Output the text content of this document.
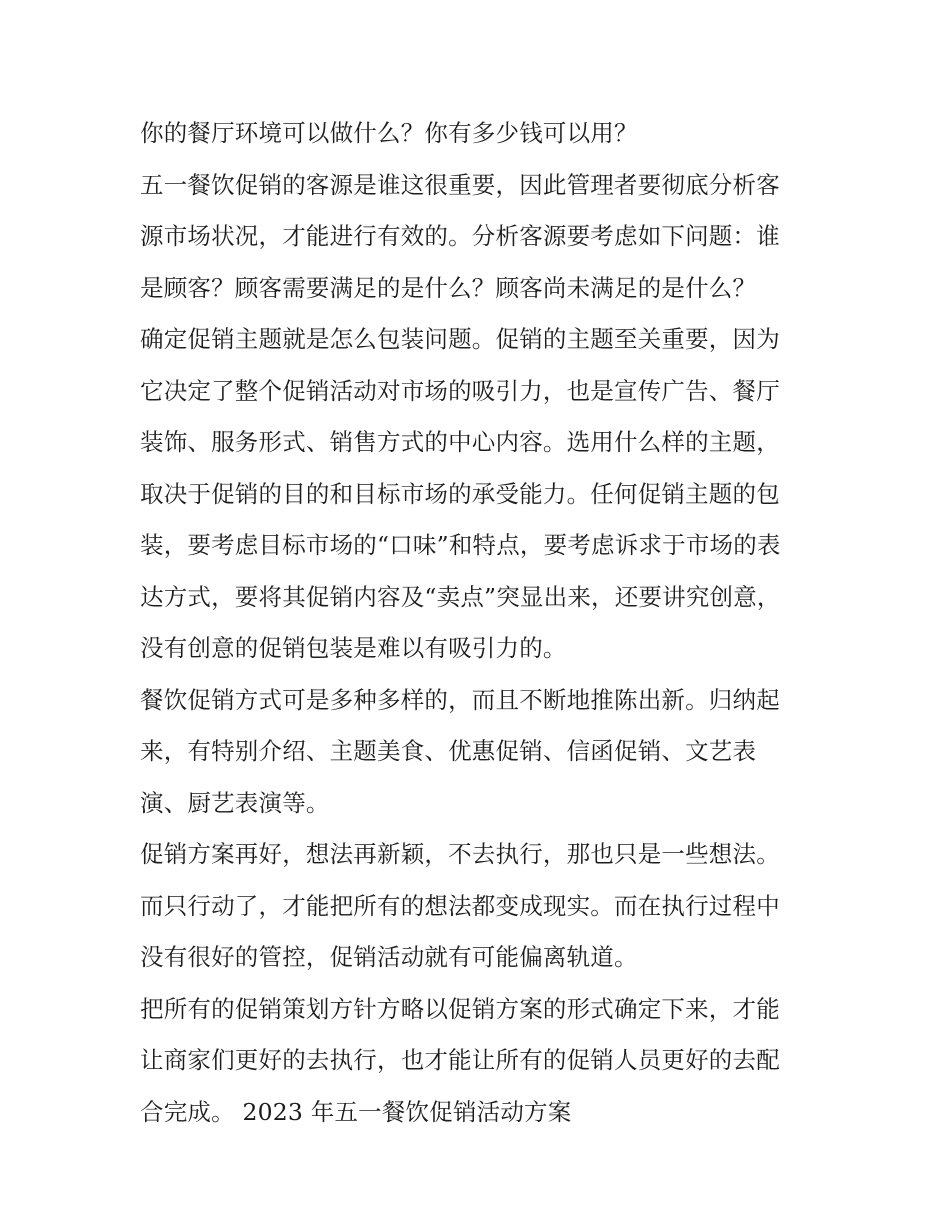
你的餐厅环境可以做什么？你有多少钱可以用？
五一餐饮促销的客源是谁这很重要，因此管理者要彻底分析客
源市场状况，才能进行有效的。分析客源要考虑如下问题：谁
是顾客？顾客需要满足的是什么？顾客尚未满足的是什么？
确定促销主题就是怎么包装问题。促销的主题至关重要，因为
它决定了整个促销活动对市场的吸引力，也是宣传广告、餐厅
装饰、服务形式、销售方式的中心内容。选用什么样的主题，
取决于促销的目的和目标市场的承受能力。任何促销主题的包
装，要考虑目标市场的“口味”和特点，要考虑诉求于市场的表
达方式，要将其促销内容及“卖点”突显出来，还要讲究创意，
没有创意的促销包装是难以有吸引力的。
餐饮促销方式可是多种多样的，而且不断地推陈出新。归纳起
来，有特别介绍、主题美食、优惠促销、信函促销、文艺表
演、厨艺表演等。
促销方案再好，想法再新颖，不去执行，那也只是一些想法。
而只行动了，才能把所有的想法都变成现实。而在执行过程中
没有很好的管控，促销活动就有可能偏离轨道。
把所有的促销策划方针方略以促销方案的形式确定下来，才能
让商家们更好的去执行，也才能让所有的促销人员更好的去配
合完成。 2023 年五一餐饮促销活动方案
